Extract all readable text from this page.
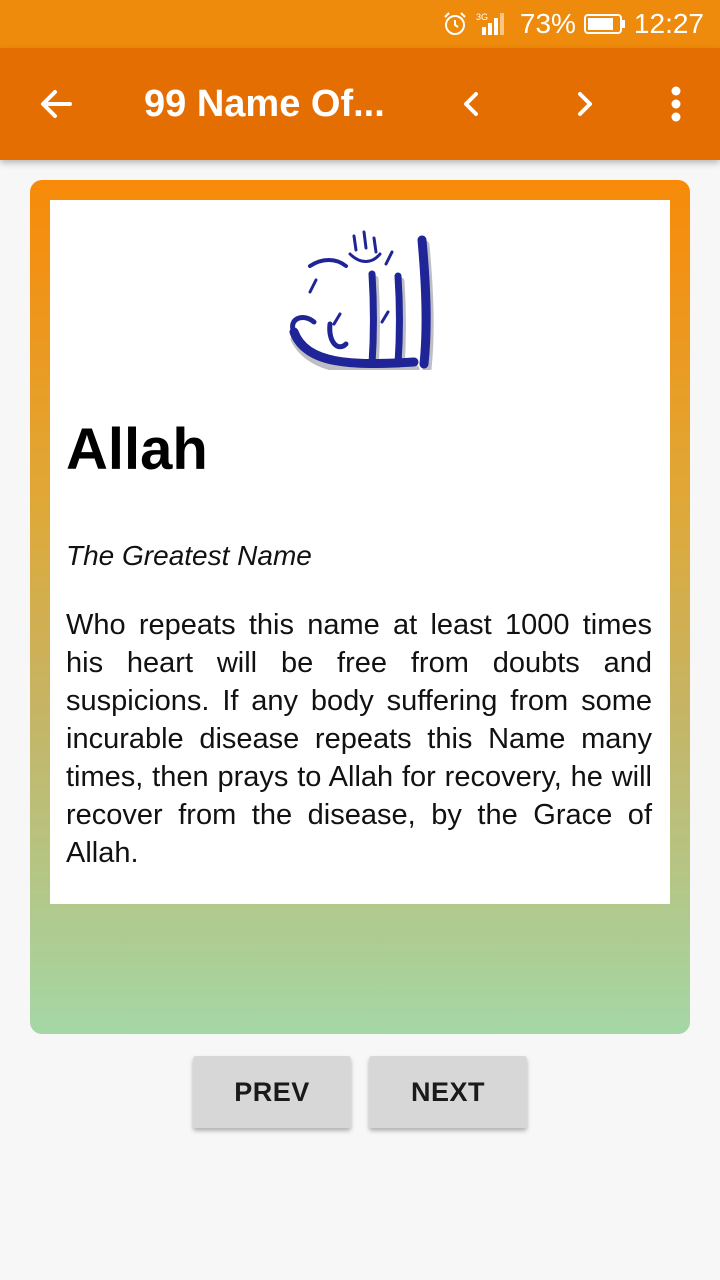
3G 73% 12:27
99 Name Of...
Allah

The Greatest Name

Who repeats this name at least 1000 times his heart will be free from doubts and suspicions. If any body suffering from some incurable disease repeats this Name many times, then prays to Allah for recovery, he will recover from the disease, by the Grace of Allah.

PREV	NEXT
